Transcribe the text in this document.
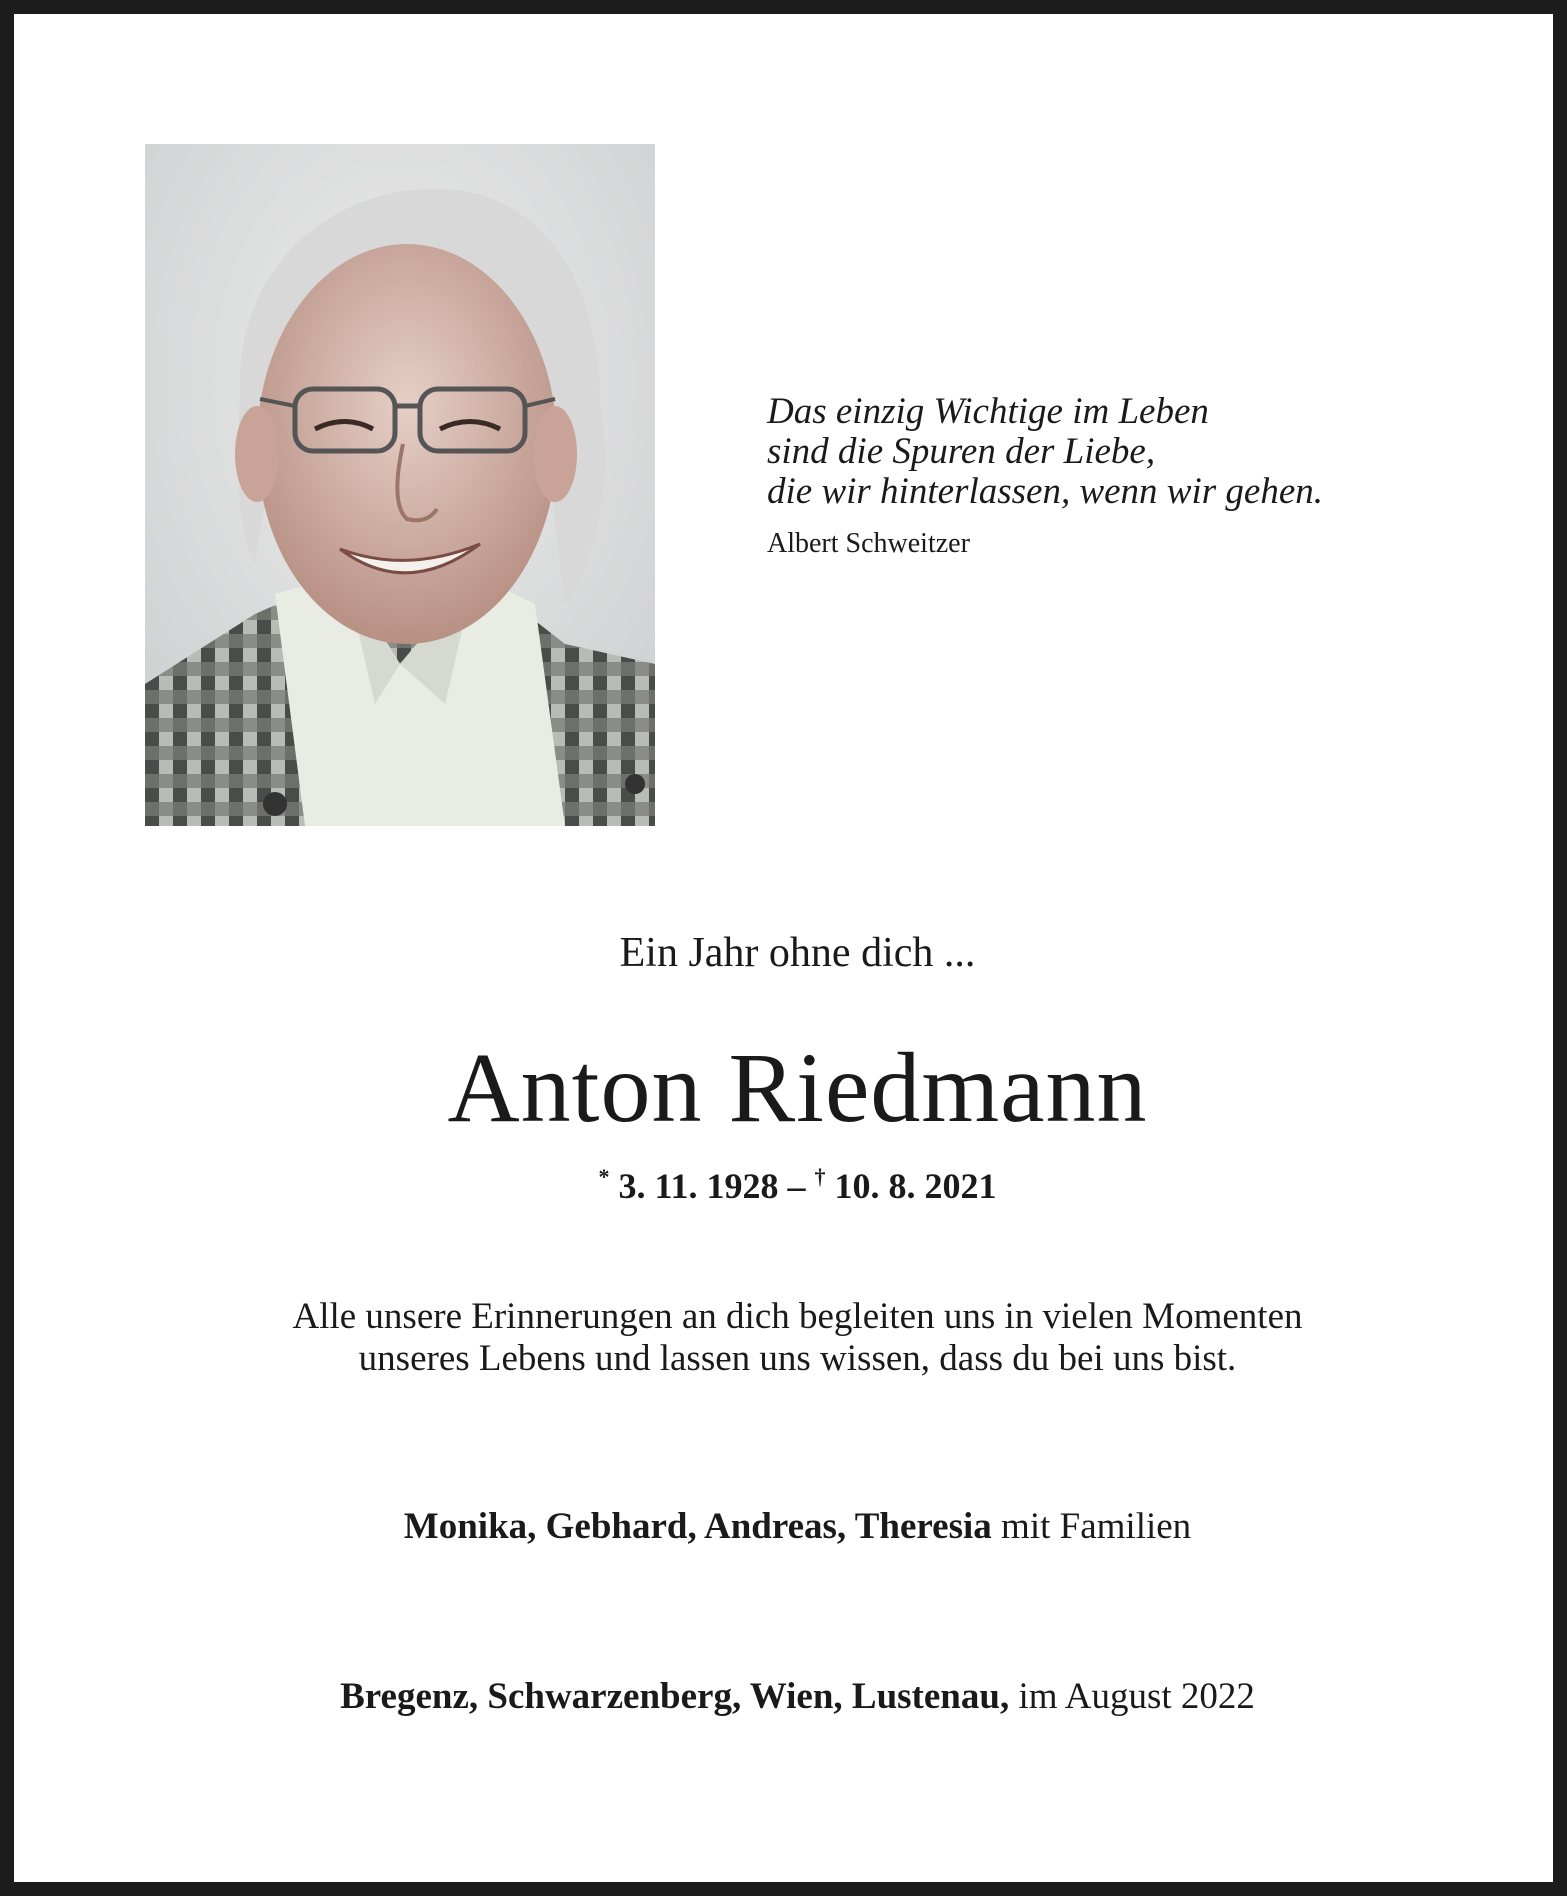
Das einzig Wichtige im Leben
sind die Spuren der Liebe,
die wir hinterlassen, wenn wir gehen.
Albert Schweitzer
Ein Jahr ohne dich ...
Anton Riedmann
* 3. 11. 1928 – † 10. 8. 2021
Alle unsere Erinnerungen an dich begleiten uns in vielen Momenten
unseres Lebens und lassen uns wissen, dass du bei uns bist.
Monika, Gebhard, Andreas, Theresia mit Familien
Bregenz, Schwarzenberg, Wien, Lustenau, im August 2022
